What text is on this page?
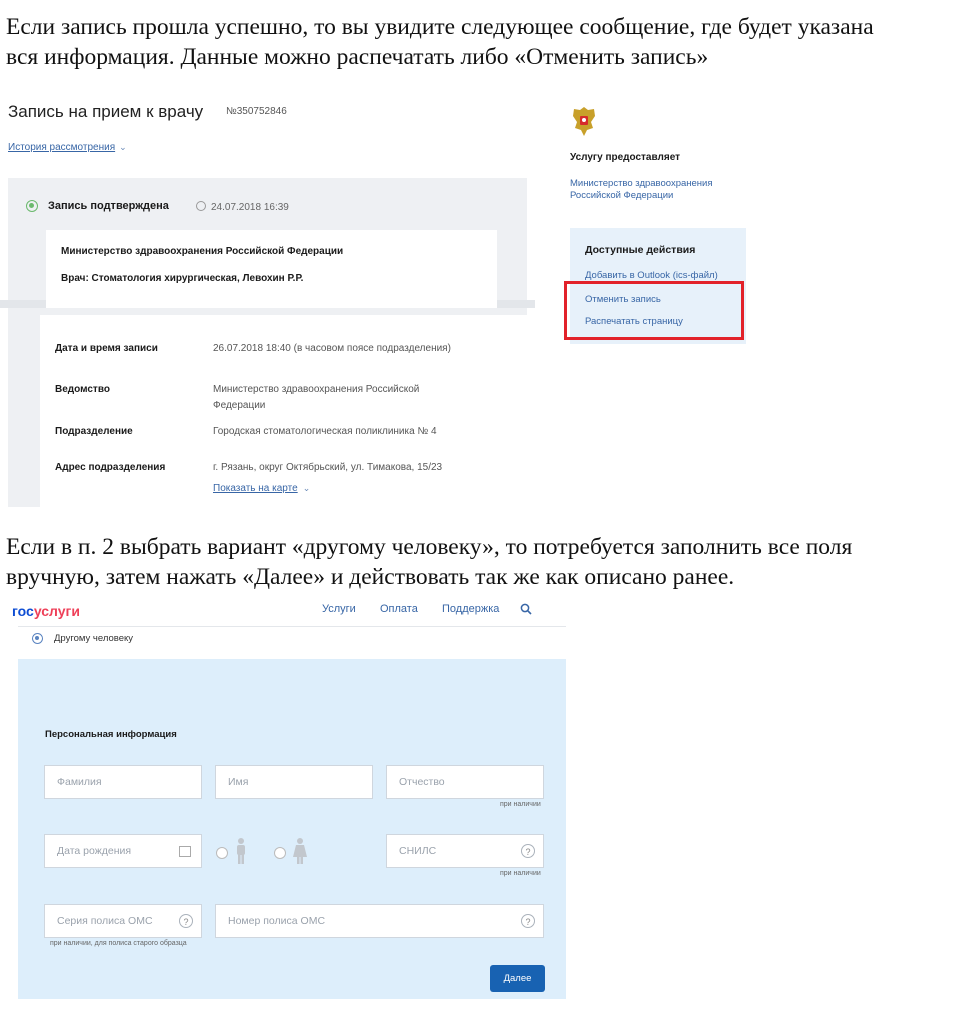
Если запись прошла успешно, то вы увидите следующее сообщение, где будет указана
вся информация. Данные можно распечатать либо «Отменить запись»
Запись на прием к врачу №350752846
История рассмотрения ⌄
Запись подтверждена	24.07.2018 16:39
Министерство здравоохранения Российской Федерации
Врач: Стоматология хирургическая, Левохин Р.Р.
Дата и время записи	26.07.2018 18:40 (в часовом поясе подразделения)
Ведомство	Министерство здравоохранения Российской Федерации
Подразделение	Городская стоматологическая поликлиника № 4
Адрес подразделения	г. Рязань, округ Октябрьский, ул. Тимакова, 15/23
Показать на карте ⌄
Услугу предоставляет
Министерство здравоохранения Российской Федерации
Доступные действия
Добавить в Outlook (ics-файл)
Отменить запись
Распечатать страницу
Если в п. 2 выбрать вариант «другому человеку», то потребуется заполнить все поля
вручную, затем нажать «Далее» и действовать так же как описано ранее.
госуслуги	Услуги Оплата Поддержка
Другому человеку
Персональная информация
Фамилия	Имя	Отчество
при наличии
Дата рождения	СНИЛС	?
при наличии
Серия полиса ОМС	?	Номер полиса ОМС	?
при наличии, для полиса старого образца
Далее
